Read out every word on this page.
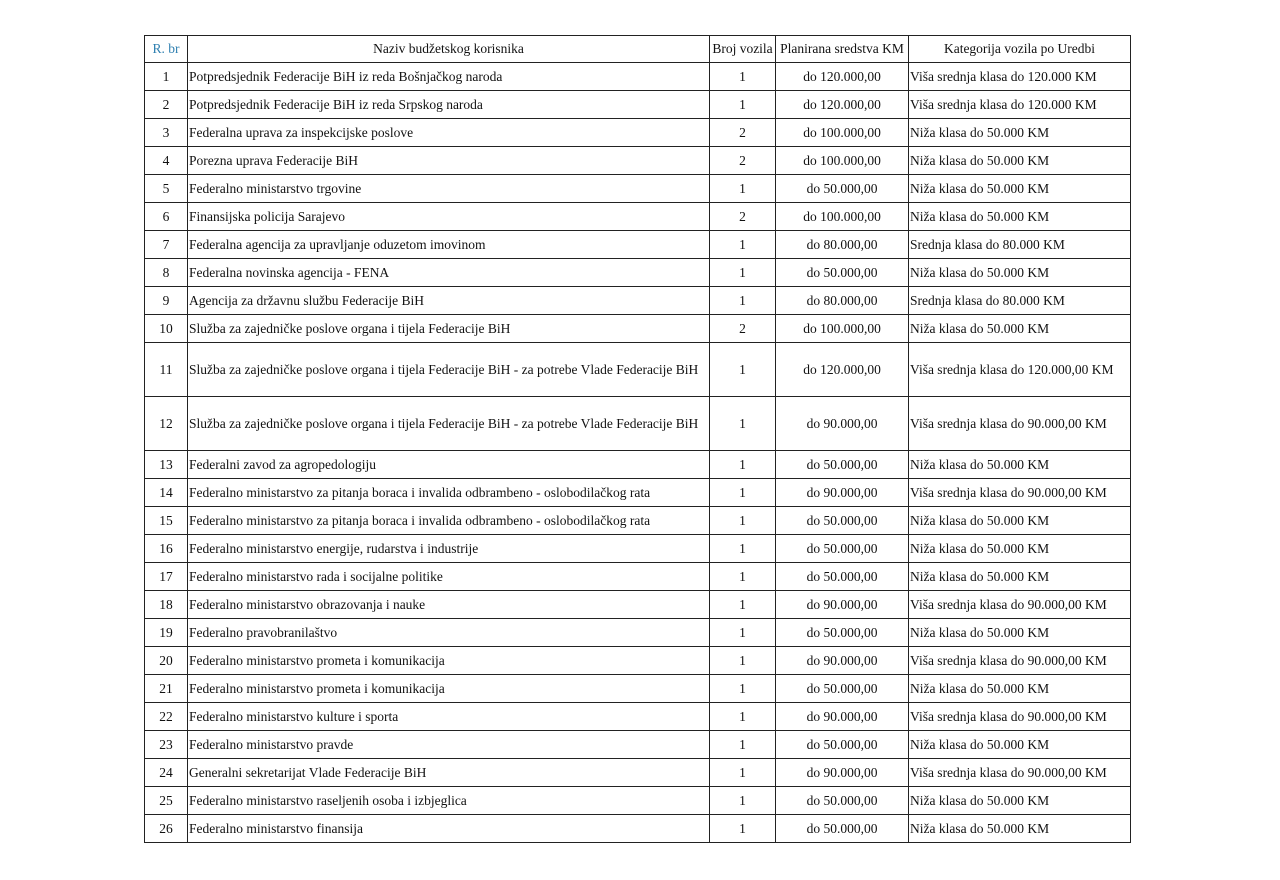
R. br	Naziv budžetskog korisnika	Broj vozila	Planirana sredstva KM	Kategorija vozila po Uredbi
1	Potpredsjednik Federacije BiH iz reda Bošnjačkog naroda	1	do 120.000,00	Viša srednja klasa do 120.000 KM
2	Potpredsjednik Federacije BiH iz reda Srpskog naroda	1	do 120.000,00	Viša srednja klasa do 120.000 KM
3	Federalna uprava za inspekcijske poslove	2	do 100.000,00	Niža klasa do 50.000 KM
4	Porezna uprava Federacije BiH	2	do 100.000,00	Niža klasa do 50.000 KM
5	Federalno ministarstvo trgovine	1	do 50.000,00	Niža klasa do 50.000 KM
6	Finansijska policija Sarajevo	2	do 100.000,00	Niža klasa do 50.000 KM
7	Federalna agencija za upravljanje oduzetom imovinom	1	do 80.000,00	Srednja klasa do 80.000 KM
8	Federalna novinska agencija - FENA	1	do 50.000,00	Niža klasa do 50.000 KM
9	Agencija za državnu službu Federacije BiH	1	do 80.000,00	Srednja klasa do 80.000 KM
10	Služba za zajedničke poslove organa i tijela Federacije BiH	2	do 100.000,00	Niža klasa do 50.000 KM
11	Služba za zajedničke poslove organa i tijela Federacije BiH - za potrebe Vlade Federacije BiH	1	do 120.000,00	Viša srednja klasa do 120.000,00 KM
12	Služba za zajedničke poslove organa i tijela Federacije BiH - za potrebe Vlade Federacije BiH	1	do 90.000,00	Viša srednja klasa do 90.000,00 KM
13	Federalni zavod za agropedologiju	1	do 50.000,00	Niža klasa do 50.000 KM
14	Federalno ministarstvo za pitanja boraca i invalida odbrambeno - oslobodilačkog rata	1	do 90.000,00	Viša srednja klasa do 90.000,00 KM
15	Federalno ministarstvo za pitanja boraca i invalida odbrambeno - oslobodilačkog rata	1	do 50.000,00	Niža klasa do 50.000 KM
16	Federalno ministarstvo energije, rudarstva i industrije	1	do 50.000,00	Niža klasa do 50.000 KM
17	Federalno ministarstvo rada i socijalne politike	1	do 50.000,00	Niža klasa do 50.000 KM
18	Federalno ministarstvo obrazovanja i nauke	1	do 90.000,00	Viša srednja klasa do 90.000,00 KM
19	Federalno pravobranilaštvo	1	do 50.000,00	Niža klasa do 50.000 KM
20	Federalno ministarstvo prometa i komunikacija	1	do 90.000,00	Viša srednja klasa do 90.000,00 KM
21	Federalno ministarstvo prometa i komunikacija	1	do 50.000,00	Niža klasa do 50.000 KM
22	Federalno ministarstvo kulture i sporta	1	do 90.000,00	Viša srednja klasa do 90.000,00 KM
23	Federalno ministarstvo pravde	1	do 50.000,00	Niža klasa do 50.000 KM
24	Generalni sekretarijat Vlade Federacije BiH	1	do 90.000,00	Viša srednja klasa do 90.000,00 KM
25	Federalno ministarstvo raseljenih osoba i izbjeglica	1	do 50.000,00	Niža klasa do 50.000 KM
26	Federalno ministarstvo finansija	1	do 50.000,00	Niža klasa do 50.000 KM
